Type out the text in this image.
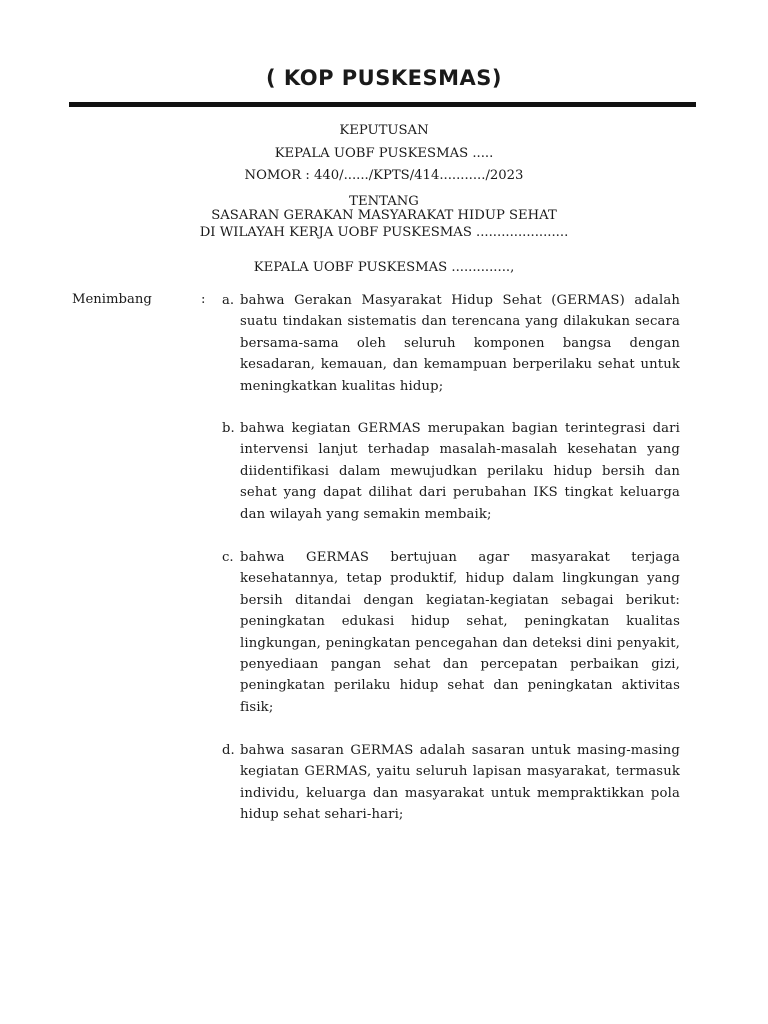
( KOP PUSKESMAS)
KEPUTUSAN
KEPALA UOBF PUSKESMAS .....
NOMOR : 440/....../KPTS/414.........../2023
TENTANG
SASARAN GERAKAN MASYARAKAT HIDUP SEHAT
DI WILAYAH KERJA UOBF PUSKESMAS ......................
KEPALA UOBF PUSKESMAS ..............,
Menimbang	: a. bahwa Gerakan Masyarakat Hidup Sehat (GERMAS) adalah suatu tindakan sistematis dan terencana yang dilakukan secara bersama-sama oleh seluruh komponen bangsa dengan kesadaran, kemauan, dan kemampuan berperilaku sehat untuk meningkatkan kualitas hidup;
b. bahwa kegiatan GERMAS merupakan bagian terintegrasi dari intervensi lanjut terhadap masalah-masalah kesehatan yang diidentifikasi dalam mewujudkan perilaku hidup bersih dan sehat yang dapat dilihat dari perubahan IKS tingkat keluarga dan wilayah yang semakin membaik;
c. bahwa GERMAS bertujuan agar masyarakat terjaga kesehatannya, tetap produktif, hidup dalam lingkungan yang bersih ditandai dengan kegiatan-kegiatan sebagai berikut: peningkatan edukasi hidup sehat, peningkatan kualitas lingkungan, peningkatan pencegahan dan deteksi dini penyakit, penyediaan pangan sehat dan percepatan perbaikan gizi, peningkatan perilaku hidup sehat dan peningkatan aktivitas fisik;
d. bahwa sasaran GERMAS adalah sasaran untuk masing-masing kegiatan GERMAS, yaitu seluruh lapisan masyarakat, termasuk individu, keluarga dan masyarakat untuk mempraktikkan pola hidup sehat sehari-hari;
